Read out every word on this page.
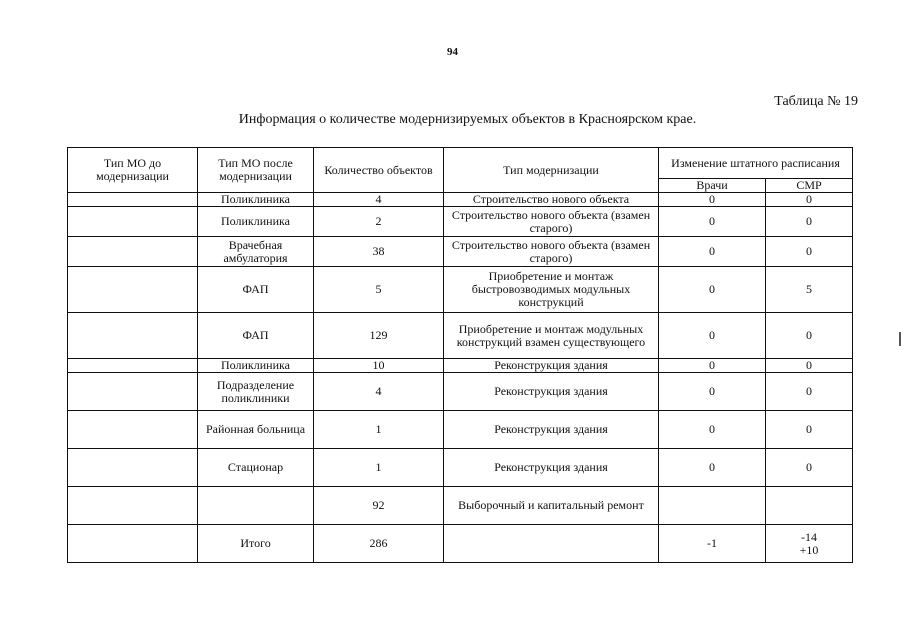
94
Таблица № 19
Информация о количестве модернизируемых объектов в Красноярском крае.
Тип МО до модернизации	Тип МО после модернизации	Количество объектов	Тип модернизации	Изменение штатного расписания	
				Врачи	СМР
	Поликлиника	4	Строительство нового объекта	0	0
	Поликлиника	2	Строительство нового объекта (взамен старого)	0	0
	Врачебная амбулатория	38	Строительство нового объекта (взамен старого)	0	0
	ФАП	5	Приобретение и монтаж быстровозводимых модульных конструкций	0	5
	ФАП	129	Приобретение и монтаж модульных конструкций взамен существующего	0	0
	Поликлиника	10	Реконструкция здания	0	0
	Подразделение поликлиники	4	Реконструкция здания	0	0
	Районная больница	1	Реконструкция здания	0	0
	Стационар	1	Реконструкция здания	0	0
		92	Выборочный и капитальный ремонт		
	Итого	286		-1	-14
+10
